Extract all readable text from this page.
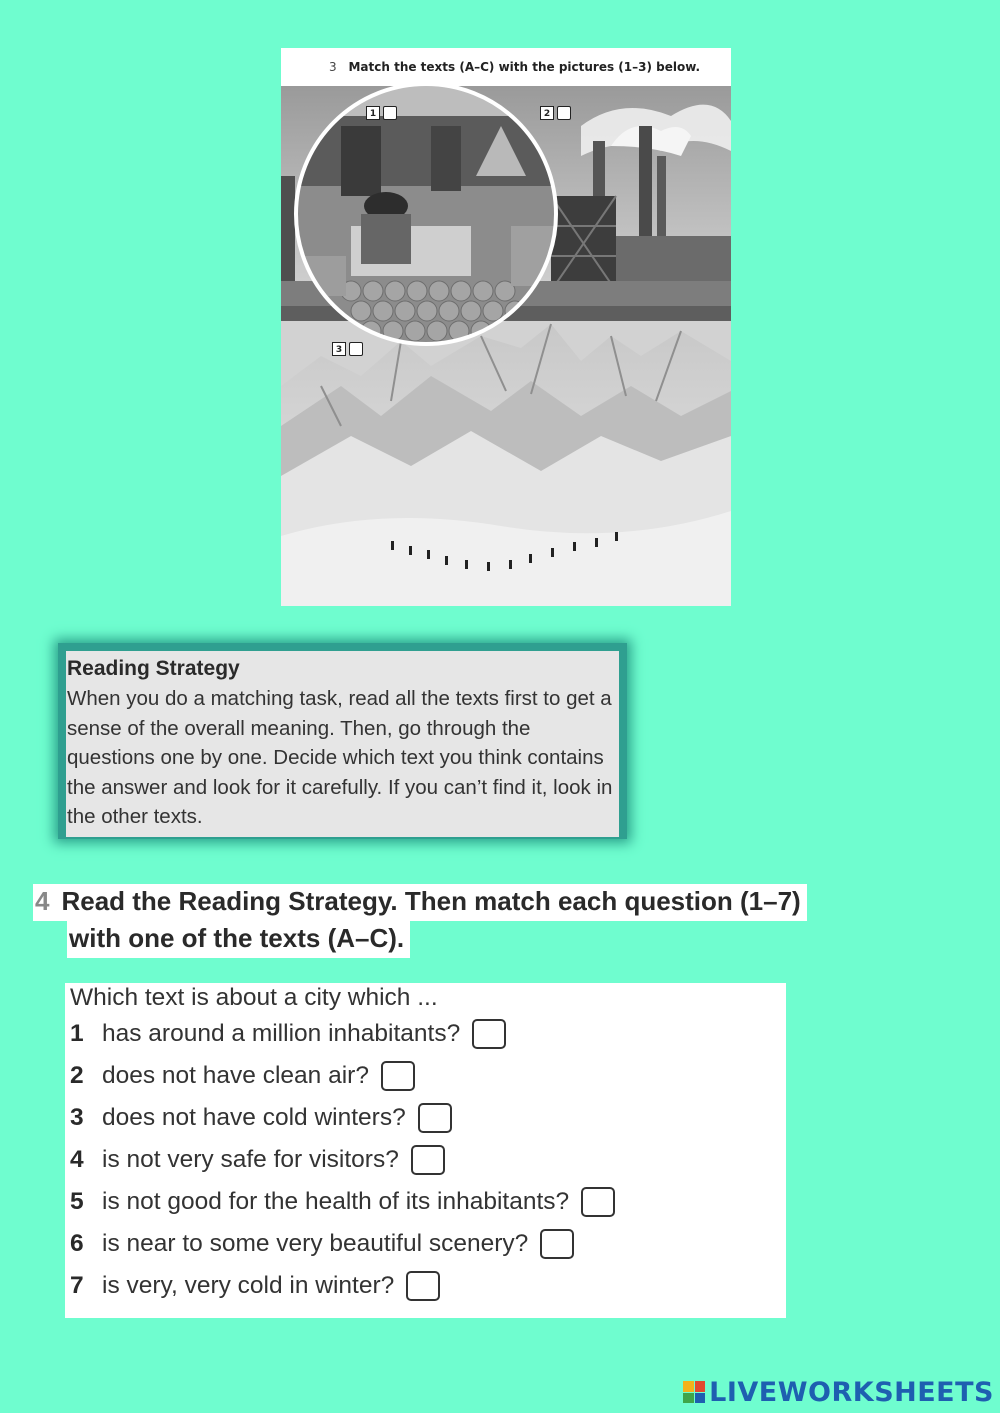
3 Match the texts (A–C) with the pictures (1–3) below.
1	2
3

Reading Strategy

When you do a matching task, read all the texts first to get a sense of the overall meaning. Then, go through the questions one by one. Decide which text you think contains the answer and look for it carefully. If you can’t find it, look in the other texts.

4 Read the Reading Strategy. Then match each question (1–7)
with one of the texts (A–C).

Which text is about a city which ...

1 has around a million inhabitants?
2 does not have clean air?
3 does not have cold winters?
4 is not very safe for visitors?
5 is not good for the health of its inhabitants?
6 is near to some very beautiful scenery?
7 is very, very cold in winter?
LIVEWORKSHEETS
